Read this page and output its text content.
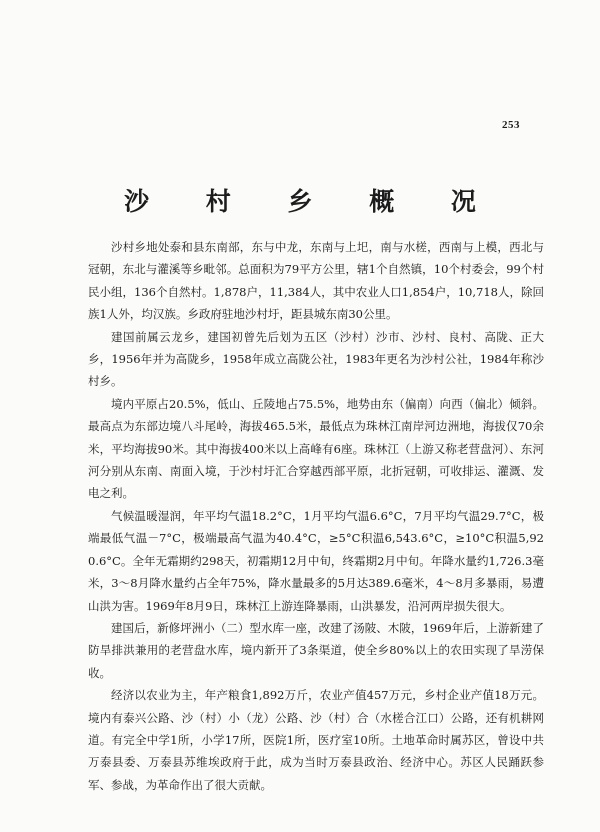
253
沙 村 乡 概 况

沙村乡地处泰和县东南部，东与中龙，东南与上圯，南与水槎，西南与上模，西北与冠朝，东北与灌溪等乡毗邻。总面积为79平方公里，辖1个自然镇，10个村委会，99个村民小组，136个自然村。1,878户，11,384人，其中农业人口1,854户，10,718人，除回族1人外，均汉族。乡政府驻地沙村圩，距县城东南30公里。

建国前属云龙乡，建国初曾先后划为五区（沙村）沙市、沙村、良村、高陇、正大乡，1956年并为高陇乡，1958年成立高陇公社，1983年更名为沙村公社，1984年称沙村乡。

境内平原占20.5%，低山、丘陵地占75.5%，地势由东（偏南）向西（偏北）倾斜。最高点为东部边境八斗尾岭，海拔465.5米，最低点为珠林江南岸河边洲地，海拔仅70余米，平均海拔90米。其中海拔400米以上高峰有6座。珠林江（上游又称老营盘河）、东河河分别从东南、南面入境，于沙村圩汇合穿越西部平原，北折冠朝，可收排运、灌溉、发电之利。

气候温暖湿润，年平均气温18.2°C，1月平均气温6.6°C，7月平均气温29.7°C，极端最低气温－7°C，极端最高气温为40.4°C，≥5°C积温6,543.6°C，≥10°C积温5,920.6°C。全年无霜期约298天，初霜期12月中旬，终霜期2月中旬。年降水量约1,726.3毫米，3～8月降水量约占全年75%，降水量最多的5月达389.6毫米，4～8月多暴雨，易遭山洪为害。1969年8月9日，珠林江上游连降暴雨，山洪暴发，沿河两岸损失很大。

建国后，新修坪洲小（二）型水库一座，改建了汤陂、木陂，1969年后，上游新建了防旱排洪兼用的老营盘水库，境内新开了3条渠道，使全乡80%以上的农田实现了旱涝保收。

经济以农业为主，年产粮食1,892万斤，农业产值457万元，乡村企业产值18万元。境内有泰兴公路、沙（村）小（龙）公路、沙（村）合（水槎合江口）公路，还有机耕网道。有完全中学1所，小学17所，医院1所，医疗室10所。土地革命时属苏区，曾设中共万泰县委、万泰县苏维埃政府于此，成为当时万泰县政治、经济中心。苏区人民踊跃参军、参战，为革命作出了很大贡献。
